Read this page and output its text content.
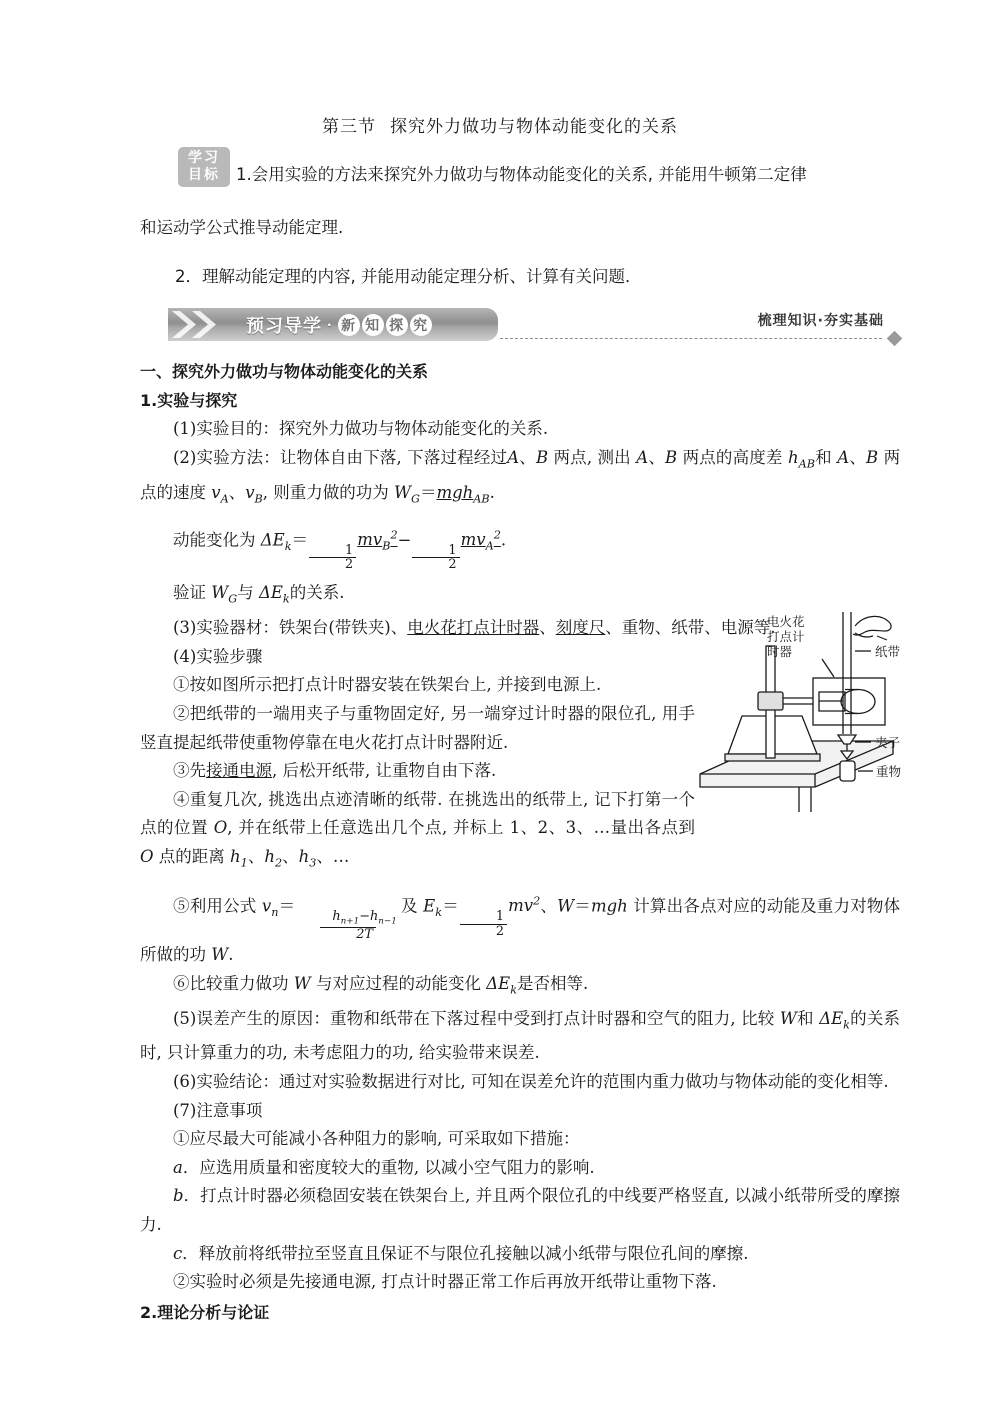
第三节 探究外力做功与物体动能变化的关系
学习
目标 1.会用实验的方法来探究外力做功与物体动能变化的关系, 并能用牛顿第二定律
和运动学公式推导动能定理.
2．理解动能定理的内容, 并能用动能定理分析、计算有关问题．
预习导学 · 新 知 探 究	梳理知识·夯实基础
电火花
打点计
时器	纸带
夹子
重物

一、探究外力做功与物体动能变化的关系

1.实验与探究

(1)实验目的：探究外力做功与物体动能变化的关系.

(2)实验方法：让物体自由下落, 下落过程经过A、B 两点, 测出 A、B 两点的高度差 $h_{AB}$和 A、B 两点的速度 $v_A$、$v_B$, 则重力做的功为 $W_G=mgh_{AB}$.

动能变化为 $\Delta E_k=$
$\frac{1}{2}$
$mv_B^2-$
$\frac{1}{2}$
$mv_A^2$.

验证 $W_G$与 $\Delta E_k$的关系.

(3)实验器材：铁架台(带铁夹)、电火花打点计时器、刻度尺、重物、纸带、电源等.

(4)实验步骤

①按如图所示把打点计时器安装在铁架台上, 并接到电源上.

②把纸带的一端用夹子与重物固定好, 另一端穿过计时器的限位孔, 用手竖直提起纸带使重物停靠在电火花打点计时器附近.

③先接通电源, 后松开纸带, 让重物自由下落.

④重复几次, 挑选出点迹清晰的纸带. 在挑选出的纸带上, 记下打第一个点的位置 O, 并在纸带上任意选出几个点, 并标上 1、2、3、…量出各点到 O 点的距离 $h_1$、$h_2$、$h_3$、…

⑤利用公式 $v_n=$
$\frac{h_{n+1}-h_{n-1}}{2T}$
及 $E_k=$
$\frac{1}{2}$
$mv^2$、W＝mgh 计算出各点对应的动能及重力对物体所做的功 W.

⑥比较重力做功 W 与对应过程的动能变化 $\Delta E_k$是否相等.

(5)误差产生的原因：重物和纸带在下落过程中受到打点计时器和空气的阻力, 比较 W和 $\Delta E_k$的关系时, 只计算重力的功, 未考虑阻力的功, 给实验带来误差.

(6)实验结论：通过对实验数据进行对比, 可知在误差允许的范围内重力做功与物体动能的变化相等.

(7)注意事项

①应尽最大可能减小各种阻力的影响, 可采取如下措施：

a．应选用质量和密度较大的重物, 以减小空气阻力的影响.

b．打点计时器必须稳固安装在铁架台上, 并且两个限位孔的中线要严格竖直, 以减小纸带所受的摩擦力.

c．释放前将纸带拉至竖直且保证不与限位孔接触以减小纸带与限位孔间的摩擦.

②实验时必须是先接通电源, 打点计时器正常工作后再放开纸带让重物下落.

2.理论分析与论证
